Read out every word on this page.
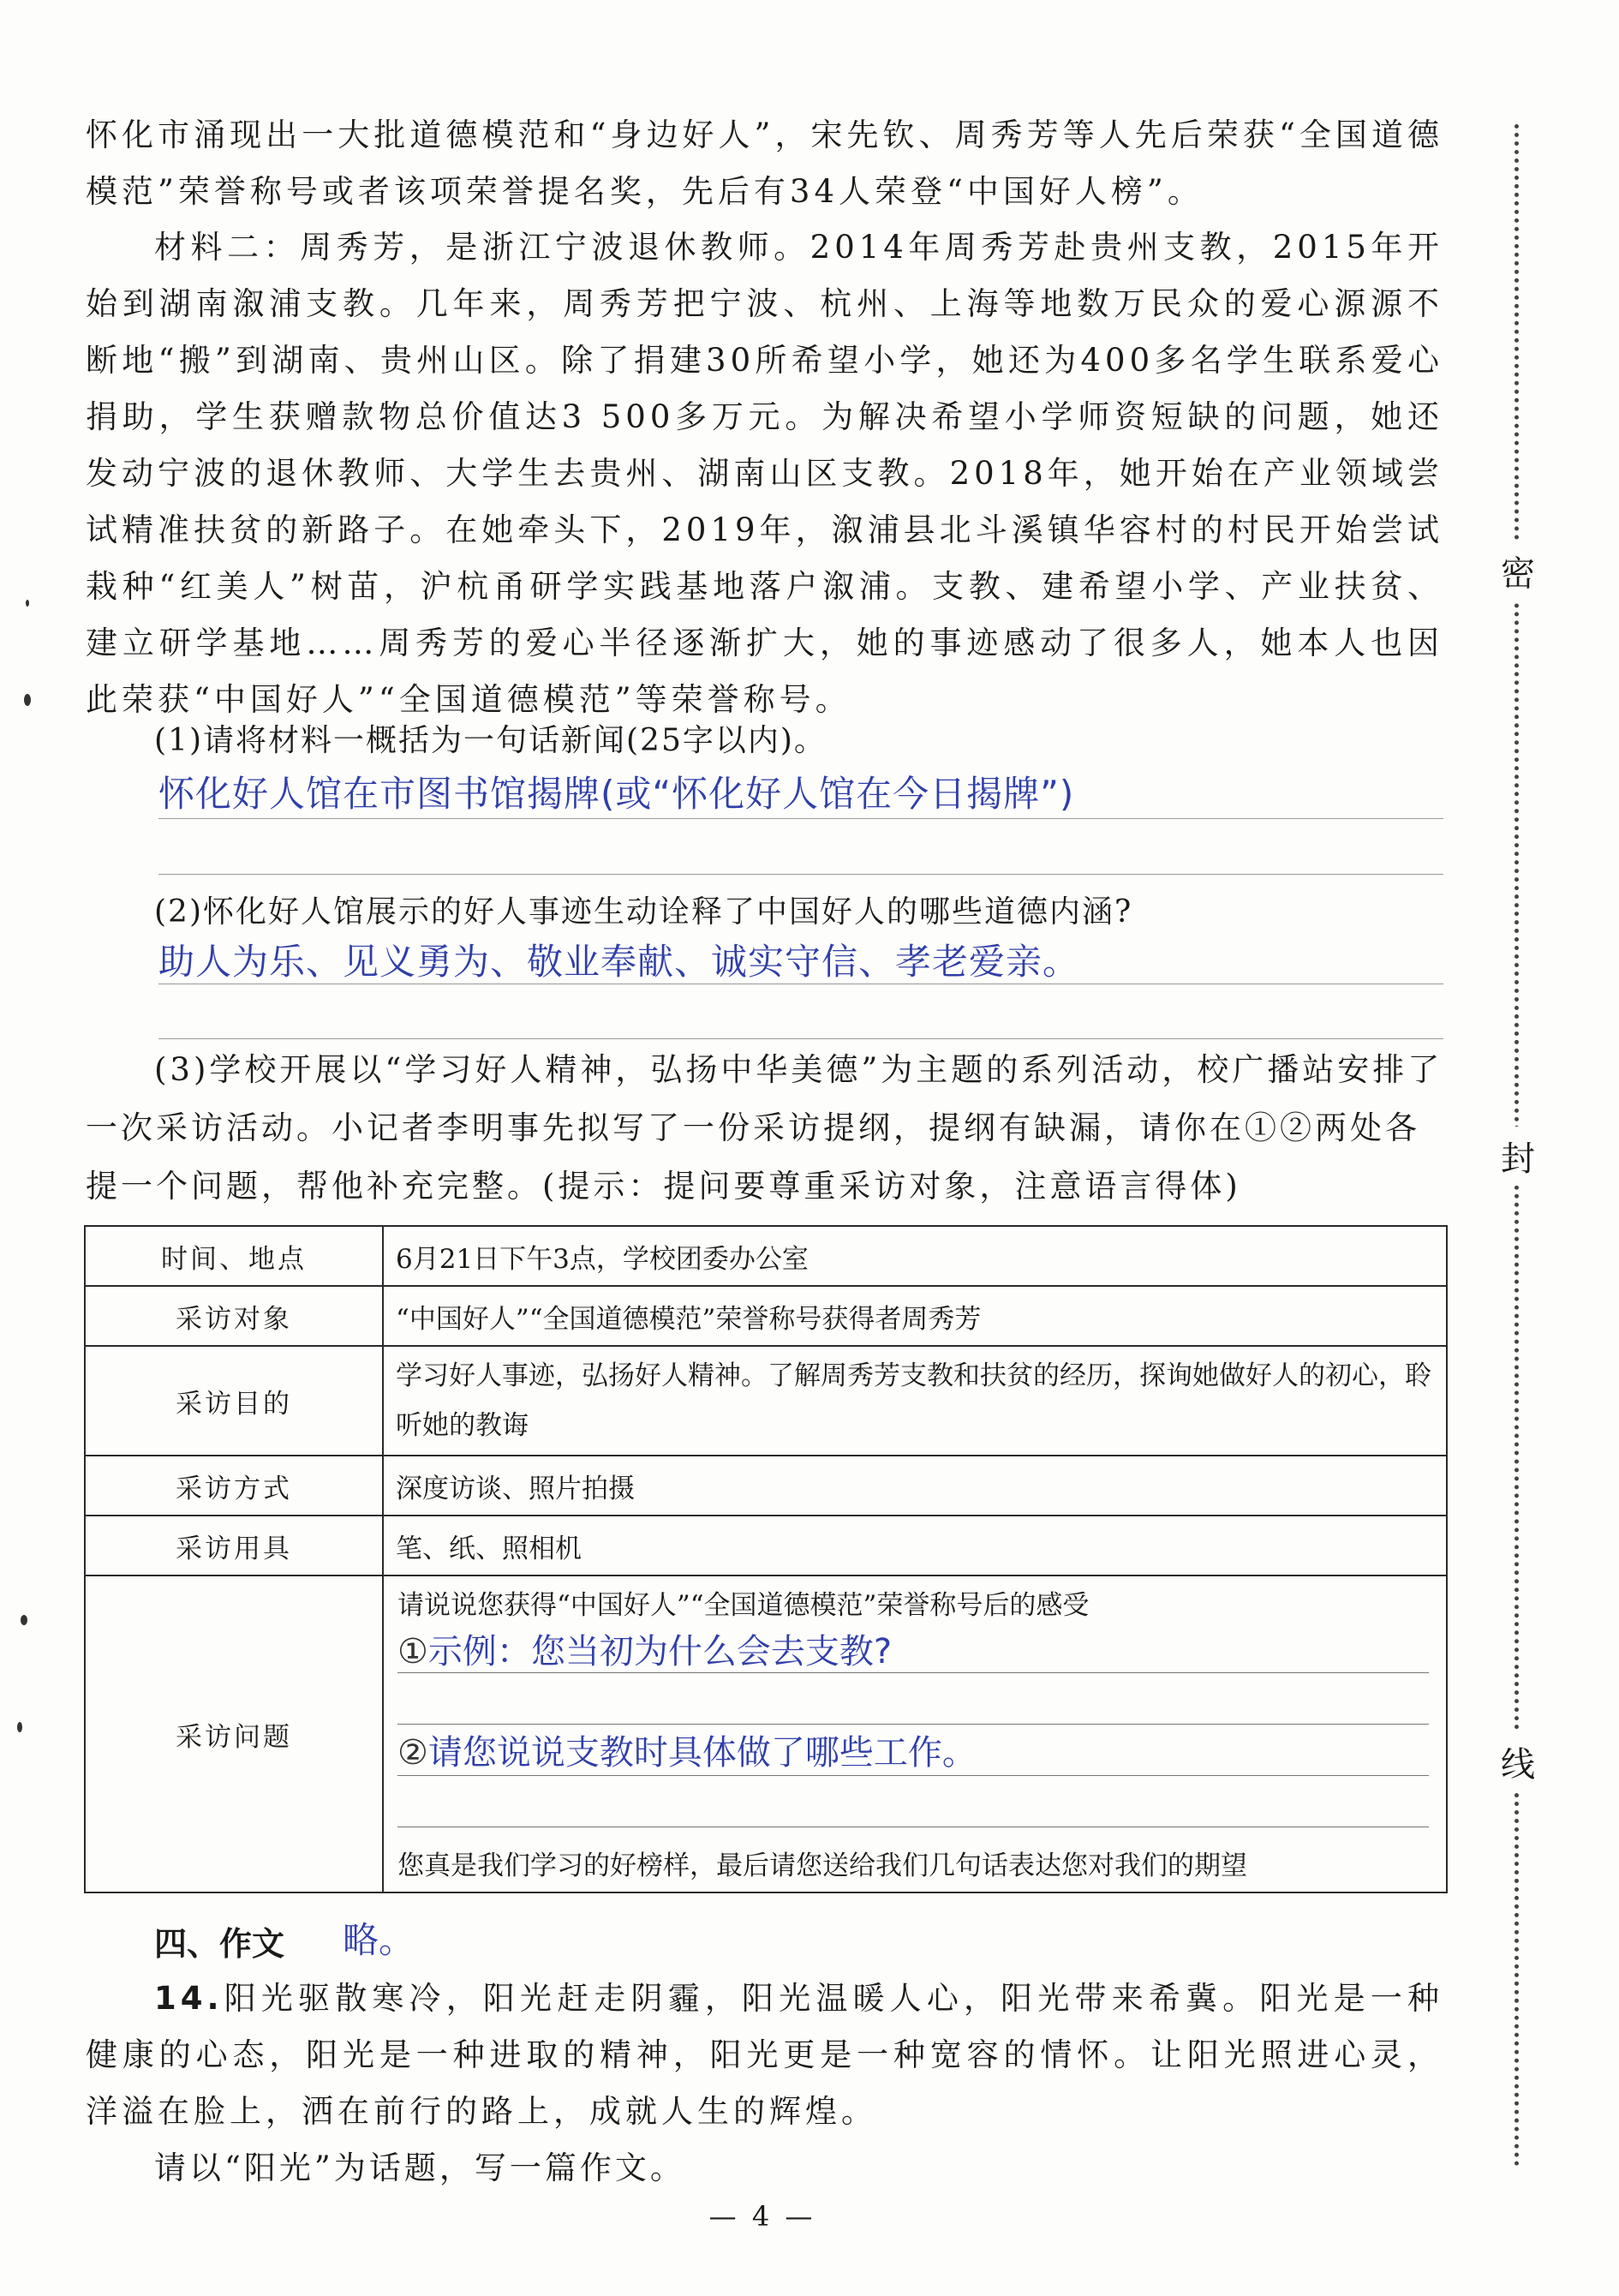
怀化市涌现出一大批道德模范和“身边好人”，宋先钦、周秀芳等人先后荣获“全国道德模范”荣誉称号或者该项荣誉提名奖，先后有34人荣登“中国好人榜”。

材料二：周秀芳，是浙江宁波退休教师。2014年周秀芳赴贵州支教，2015年开始到湖南溆浦支教。几年来，周秀芳把宁波、杭州、上海等地数万民众的爱心源源不断地“搬”到湖南、贵州山区。除了捐建30所希望小学，她还为400多名学生联系爱心捐助，学生获赠款物总价值达3 500多万元。为解决希望小学师资短缺的问题，她还发动宁波的退休教师、大学生去贵州、湖南山区支教。2018年，她开始在产业领域尝试精准扶贫的新路子。在她牵头下，2019年，溆浦县北斗溪镇华容村的村民开始尝试栽种“红美人”树苗，沪杭甬研学实践基地落户溆浦。支教、建希望小学、产业扶贫、建立研学基地……周秀芳的爱心半径逐渐扩大，她的事迹感动了很多人，她本人也因此荣获“中国好人”“全国道德模范”等荣誉称号。

(1)请将材料一概括为一句话新闻(25字以内)。

怀化好人馆在市图书馆揭牌(或“怀化好人馆在今日揭牌”)

(2)怀化好人馆展示的好人事迹生动诠释了中国好人的哪些道德内涵?

助人为乐、见义勇为、敬业奉献、诚实守信、孝老爱亲。

(3)学校开展以“学习好人精神，弘扬中华美德”为主题的系列活动，校广播站安排了一次采访活动。小记者李明事先拟写了一份采访提纲，提纲有缺漏，请你在①②两处各提一个问题，帮他补充完整。(提示：提问要尊重采访对象，注意语言得体)

时间、地点	6月21日下午3点，学校团委办公室
采访对象	“中国好人”“全国道德模范”荣誉称号获得者周秀芳
采访目的	学习好人事迹，弘扬好人精神。了解周秀芳支教和扶贫的经历，探询她做好人的初心，聆听她的教诲
采访方式	深度访谈、照片拍摄
采访用具	笔、纸、照相机
采访问题	请说说您获得“中国好人”“全国道德模范”荣誉称号后的感受
①示例：您当初为什么会去支教?
②请您说说支教时具体做了哪些工作。
您真是我们学习的好榜样，最后请您送给我们几句话表达您对我们的期望
四、作文 略。

14.阳光驱散寒冷，阳光赶走阴霾，阳光温暖人心，阳光带来希冀。阳光是一种健康的心态，阳光是一种进取的精神，阳光更是一种宽容的情怀。让阳光照进心灵，洋溢在脸上，洒在前行的路上，成就人生的辉煌。

请以“阳光”为话题，写一篇作文。
— 4 —
密
封
线
